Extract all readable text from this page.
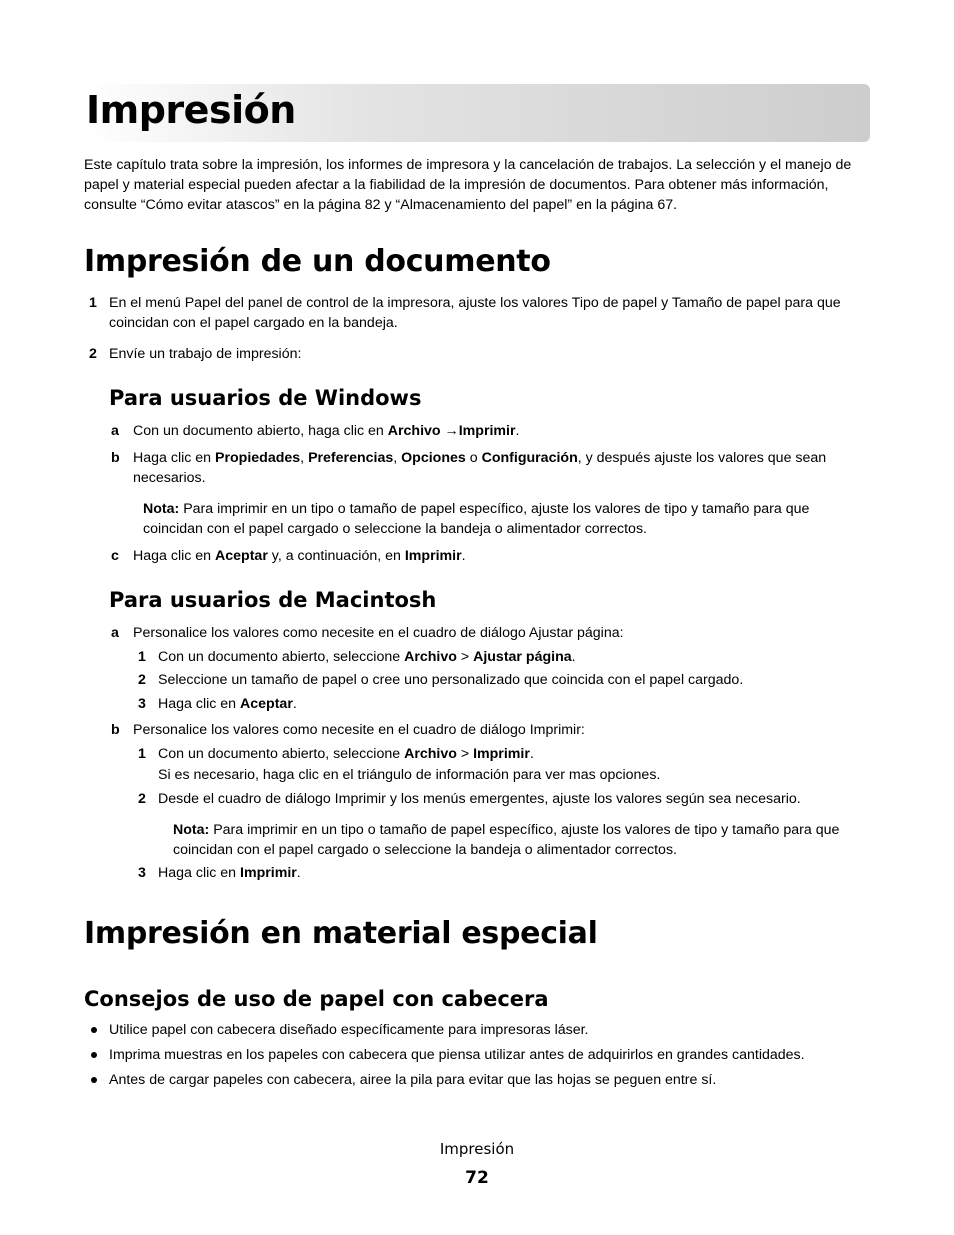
Impresión

Este capítulo trata sobre la impresión, los informes de impresora y la cancelación de trabajos. La selección y el manejo de papel y material especial pueden afectar a la fiabilidad de la impresión de documentos. Para obtener más información, consulte “Cómo evitar atascos” en la página 82 y “Almacenamiento del papel” en la página 67.

Impresión de un documento
1 En el menú Papel del panel de control de la impresora, ajuste los valores Tipo de papel y Tamaño de papel para que coincidan con el papel cargado en la bandeja.
2 Envíe un trabajo de impresión:
Para usuarios de Windows
a Con un documento abierto, haga clic en Archivo →Imprimir.
b Haga clic en Propiedades, Preferencias, Opciones o Configuración, y después ajuste los valores que sean necesarios.
Nota: Para imprimir en un tipo o tamaño de papel específico, ajuste los valores de tipo y tamaño para que coincidan con el papel cargado o seleccione la bandeja o alimentador correctos.
c Haga clic en Aceptar y, a continuación, en Imprimir.
Para usuarios de Macintosh
a Personalice los valores como necesite en el cuadro de diálogo Ajustar página:
1 Con un documento abierto, seleccione Archivo > Ajustar página.
2 Seleccione un tamaño de papel o cree uno personalizado que coincida con el papel cargado.
3 Haga clic en Aceptar.
b Personalice los valores como necesite en el cuadro de diálogo Imprimir:
1 Con un documento abierto, seleccione Archivo > Imprimir.
Si es necesario, haga clic en el triángulo de información para ver mas opciones.
2 Desde el cuadro de diálogo Imprimir y los menús emergentes, ajuste los valores según sea necesario.
Nota: Para imprimir en un tipo o tamaño de papel específico, ajuste los valores de tipo y tamaño para que coincidan con el papel cargado o seleccione la bandeja o alimentador correctos.
3 Haga clic en Imprimir.
Impresión en material especial
Consejos de uso de papel con cabecera
Utilice papel con cabecera diseñado específicamente para impresoras láser.
Imprima muestras en los papeles con cabecera que piensa utilizar antes de adquirirlos en grandes cantidades.
Antes de cargar papeles con cabecera, airee la pila para evitar que las hojas se peguen entre sí.
Impresión
72
